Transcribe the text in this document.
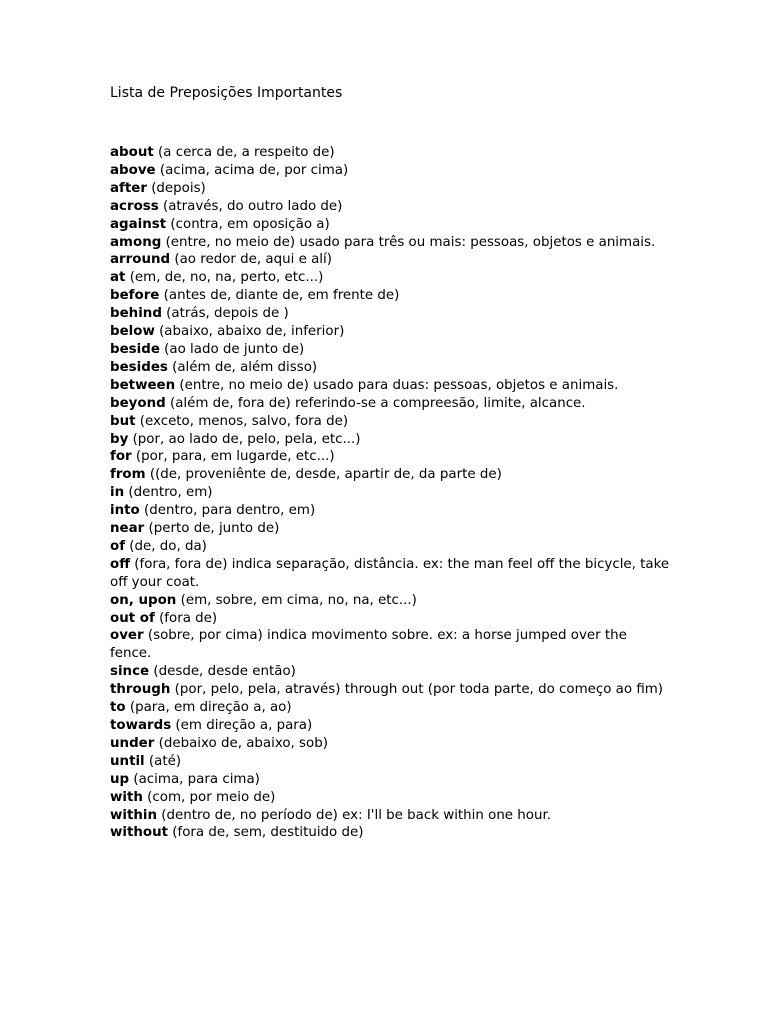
Lista de Preposições Importantes
about (a cerca de, a respeito de)
above (acima, acima de, por cima)
after (depois)
across (através, do outro lado de)
against (contra, em oposição a)
among (entre, no meio de) usado para três ou mais: pessoas, objetos e animais.
arround (ao redor de, aqui e alí)
at (em, de, no, na, perto, etc...)
before (antes de, diante de, em frente de)
behind (atrás, depois de )
below (abaixo, abaixo de, inferior)
beside (ao lado de junto de)
besides (além de, além disso)
between (entre, no meio de) usado para duas: pessoas, objetos e animais.
beyond (além de, fora de) referindo-se a compreesão, limite, alcance.
but (exceto, menos, salvo, fora de)
by (por, ao lado de, pelo, pela, etc...)
for (por, para, em lugarde, etc...)
from ((de, proveniênte de, desde, apartir de, da parte de)
in (dentro, em)
into (dentro, para dentro, em)
near (perto de, junto de)
of (de, do, da)
off (fora, fora de) indica separação, distância. ex: the man feel off the bicycle, take off your coat.
on, upon (em, sobre, em cima, no, na, etc...)
out of (fora de)
over (sobre, por cima) indica movimento sobre. ex: a horse jumped over the fence.
since (desde, desde então)
through (por, pelo, pela, através) through out (por toda parte, do começo ao fim)
to (para, em direção a, ao)
towards (em direção a, para)
under (debaixo de, abaixo, sob)
until (até)
up (acima, para cima)
with (com, por meio de)
within (dentro de, no período de) ex: I'll be back within one hour.
without (fora de, sem, destituido de)
